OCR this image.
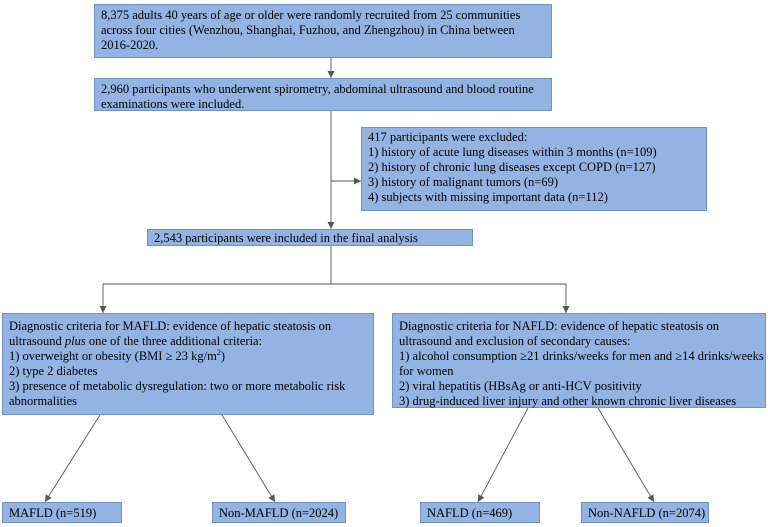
8,375 adults 40 years of age or older were randomly recruited from 25 communities
across four cities (Wenzhou, Shanghai, Fuzhou, and Zhengzhou) in China between
2016-2020.
2,960 participants who underwent spirometry, abdominal ultrasound and blood routine
examinations were included.
417 participants were excluded:
1) history of acute lung diseases within 3 months (n=109)
2) history of chronic lung diseases except COPD (n=127)
3) history of malignant tumors (n=69)
4) subjects with missing important data (n=112)
2,543 participants were included in the final analysis
Diagnostic criteria for MAFLD: evidence of hepatic steatosis on
ultrasound plus one of the three additional criteria:
1) overweight or obesity (BMI ≥ 23 $kg/m^2$)
2) type 2 diabetes
3) presence of metabolic dysregulation: two or more metabolic risk
abnormalities
Diagnostic criteria for NAFLD: evidence of hepatic steatosis on
ultrasound and exclusion of secondary causes:
1) alcohol consumption ≥21 drinks/weeks for men and ≥14 drinks/weeks
for women
2) viral hepatitis (HBsAg or anti-HCV positivity
3) drug-induced liver injury and other known chronic liver diseases
MAFLD (n=519)	Non-MAFLD (n=2024)	NAFLD (n=469)	Non-NAFLD (n=2074)
